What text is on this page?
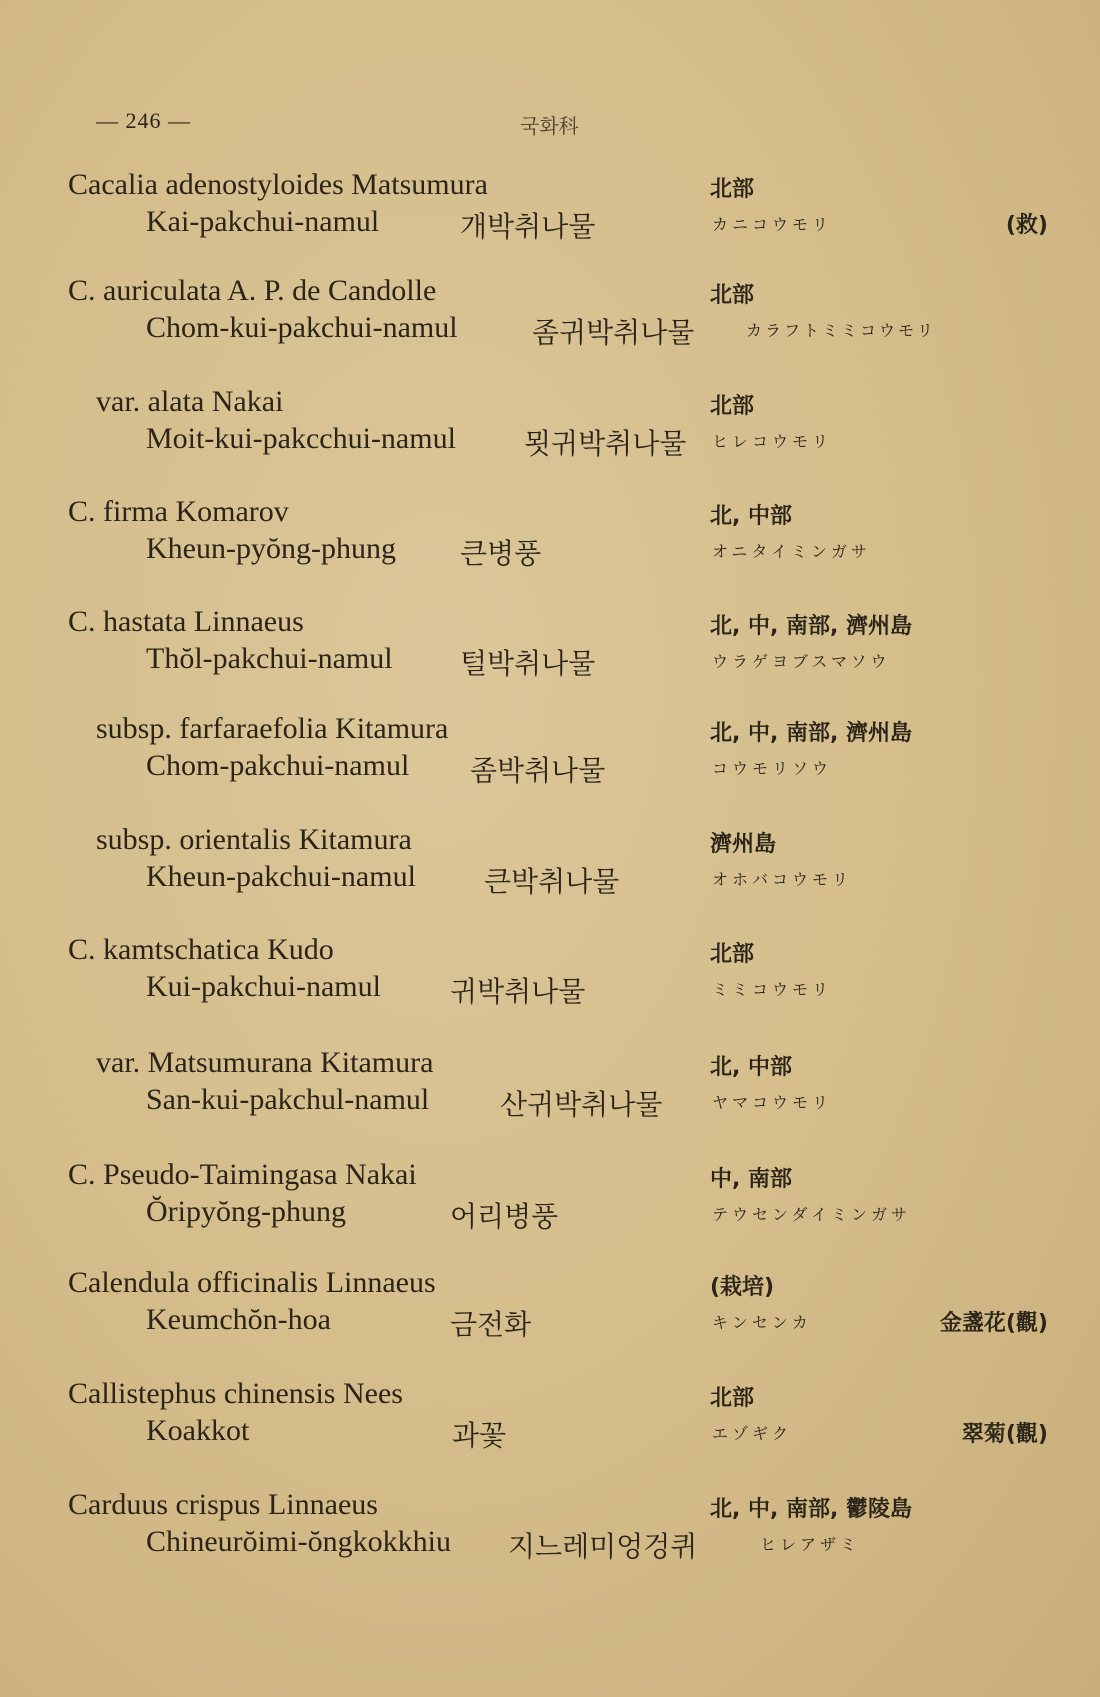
— 246 —	국화科
Cacalia adenostyloides Matsumura
Kai-pakchui-namul	개박취나물
北部
カニコウモリ	(救)
C. auriculata A. P. de Candolle
Chom-kui-pakchui-namul	좀귀박취나물
北部
カラフトミミコウモリ
var. alata Nakai
Moit-kui-pakcchui-namul 묏귀박취나물
北部
ヒレコウモリ
C. firma Komarov
Kheun-pyŏng-phung 큰병풍
北, 中部
オニタイミンガサ
C. hastata Linnaeus
Thŏl-pakchui-namul 털박취나물
北, 中, 南部, 濟州島
ウラゲヨブスマソウ
subsp. farfaraefolia Kitamura
Chom-pakchui-namul 좀박취나물
北, 中, 南部, 濟州島
コウモリソウ
subsp. orientalis Kitamura
Kheun-pakchui-namul 큰박취나물
濟州島
オホバコウモリ
C. kamtschatica Kudo
Kui-pakchui-namul 귀박취나물
北部
ミミコウモリ
var. Matsumurana Kitamura
San-kui-pakchul-namul	산귀박취나물
北, 中部
ヤマコウモリ
C. Pseudo-Taimingasa Nakai
Ŏripyŏng-phung	어리병풍
中, 南部
テウセンダイミンガサ
Calendula officinalis Linnaeus
Keumchŏn-hoa	금전화
(栽培)
キンセンカ	金盞花(觀)
Callistephus chinensis Nees
Koakkot	과꽃
北部
エゾギク	翠菊(觀)
Carduus crispus Linnaeus
Chineurŏimi-ŏngkokkhiu 지느레미엉겅퀴
北, 中, 南部, 鬱陵島
ヒレアザミ
